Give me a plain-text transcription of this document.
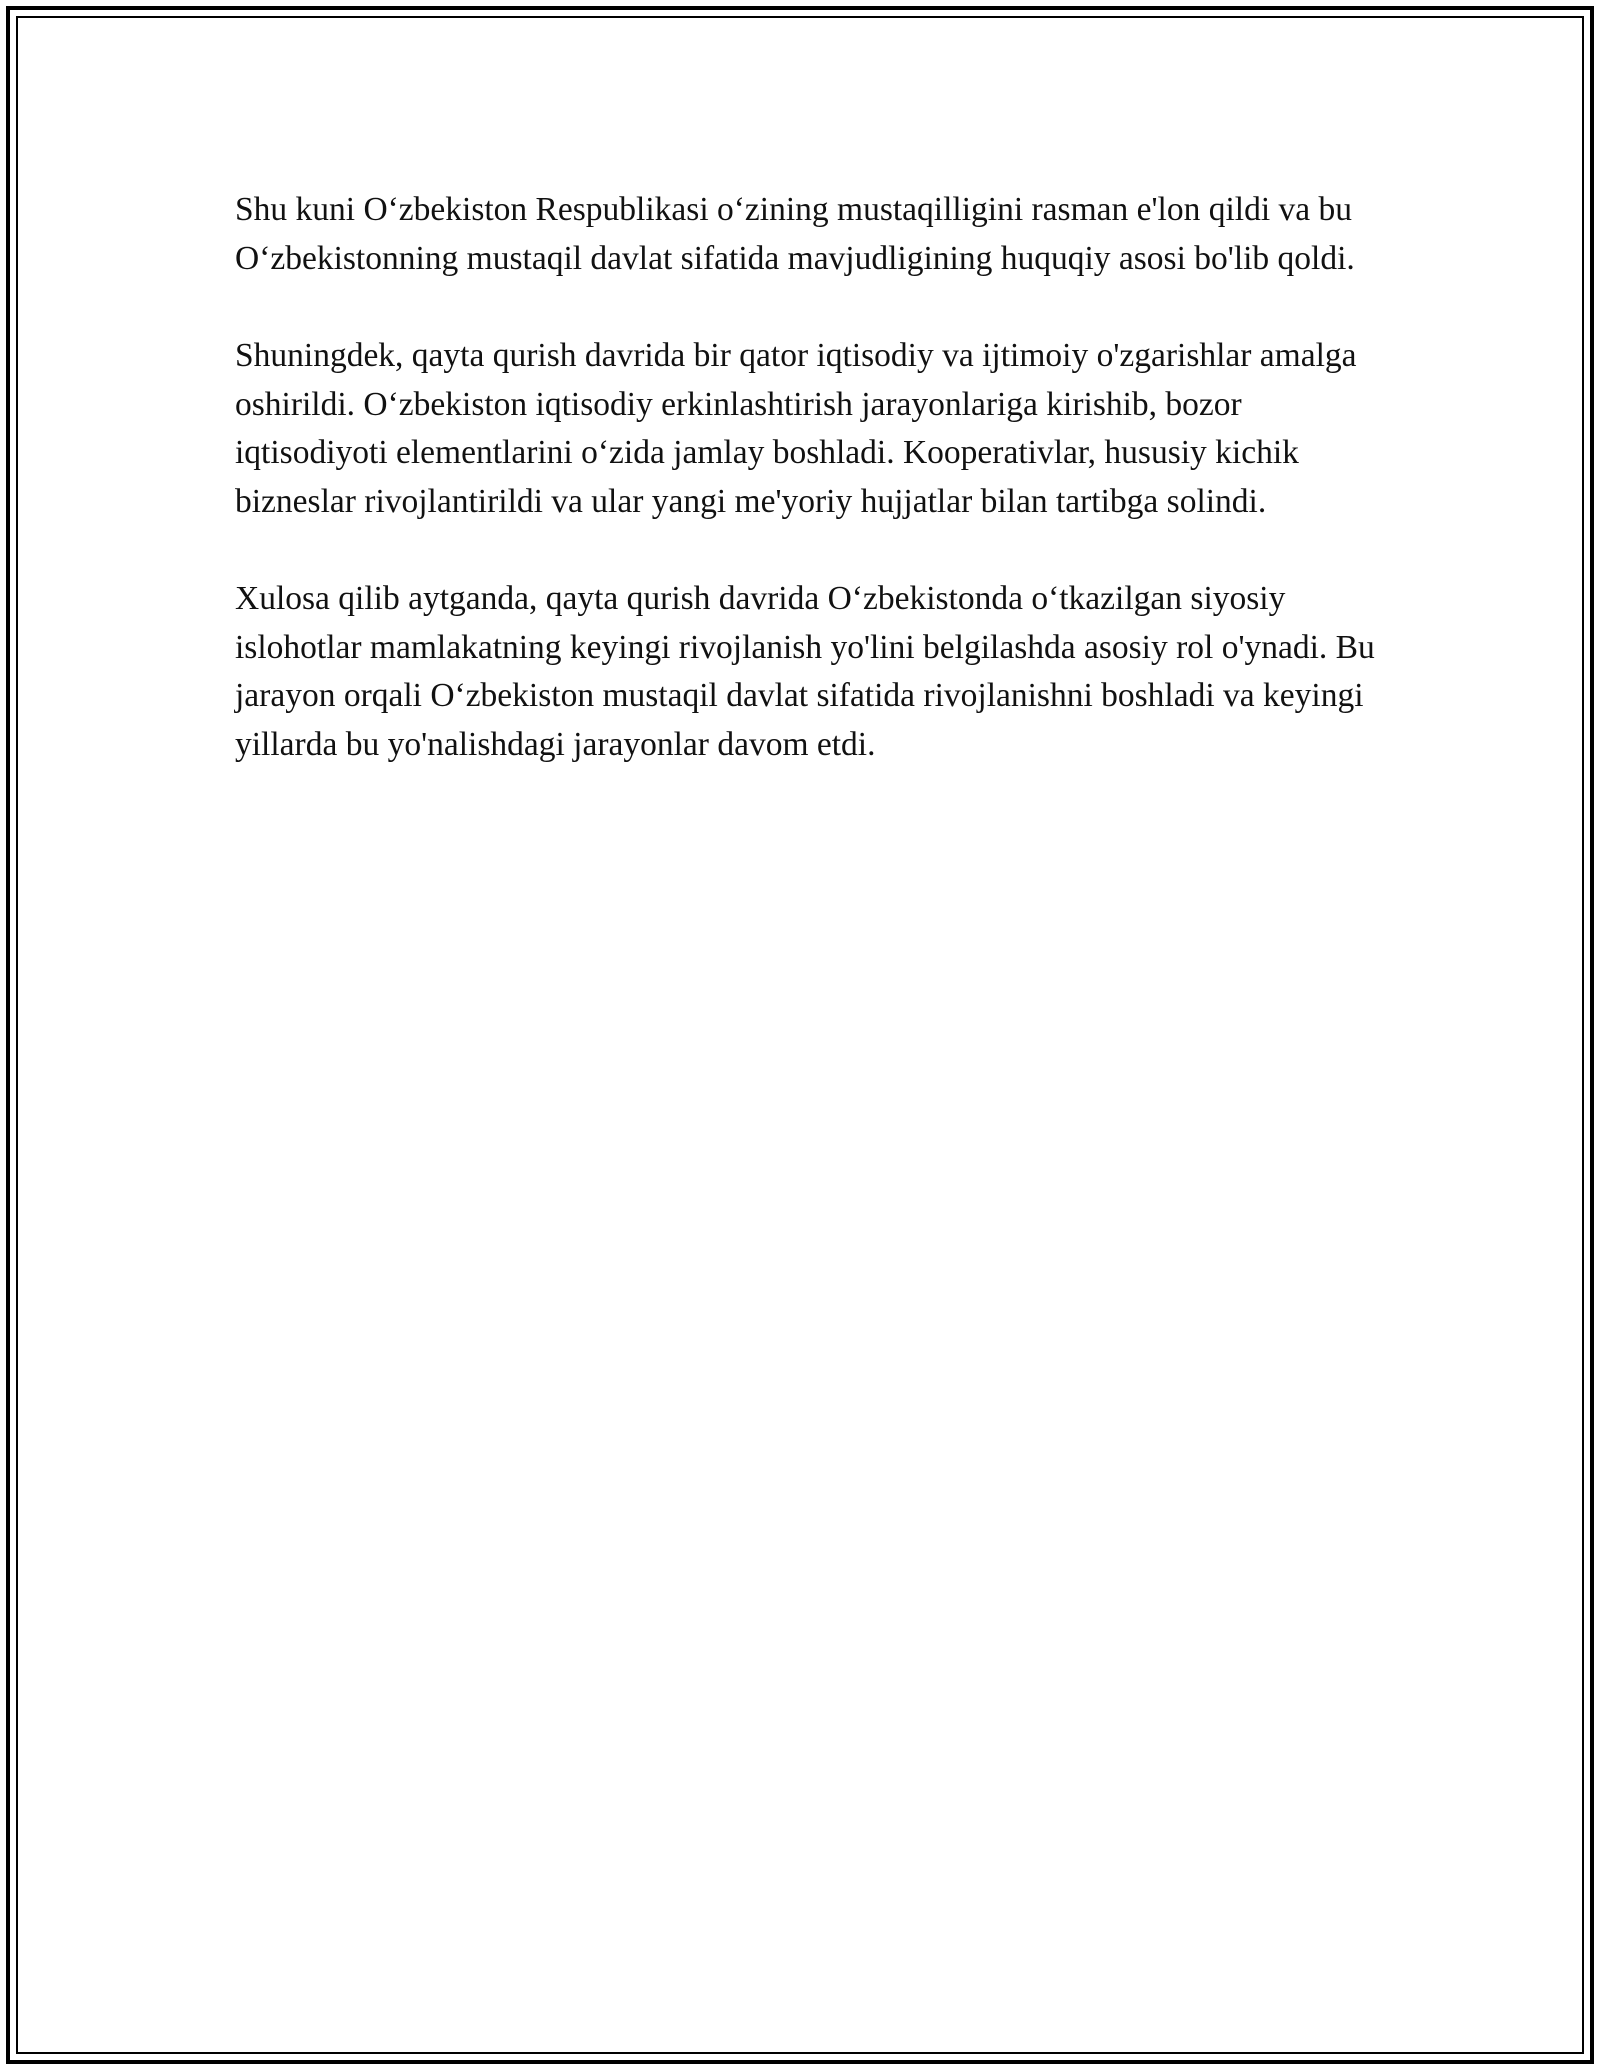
Shu kuni O‘zbekiston Respublikasi o‘zining mustaqilligini rasman e'lon qildi va bu O‘zbekistonning mustaqil davlat sifatida mavjudligining huquqiy asosi bo'lib qoldi.

Shuningdek, qayta qurish davrida bir qator iqtisodiy va ijtimoiy o'zgarishlar amalga oshirildi. O‘zbekiston iqtisodiy erkinlashtirish jarayonlariga kirishib, bozor iqtisodiyoti elementlarini o‘zida jamlay boshladi. Kooperativlar, hususiy kichik bizneslar rivojlantirildi va ular yangi me'yoriy hujjatlar bilan tartibga solindi.

Xulosa qilib aytganda, qayta qurish davrida O‘zbekistonda o‘tkazilgan siyosiy islohotlar mamlakatning keyingi rivojlanish yo'lini belgilashda asosiy rol o'ynadi. Bu jarayon orqali O‘zbekiston mustaqil davlat sifatida rivojlanishni boshladi va keyingi yillarda bu yo'nalishdagi jarayonlar davom etdi.
